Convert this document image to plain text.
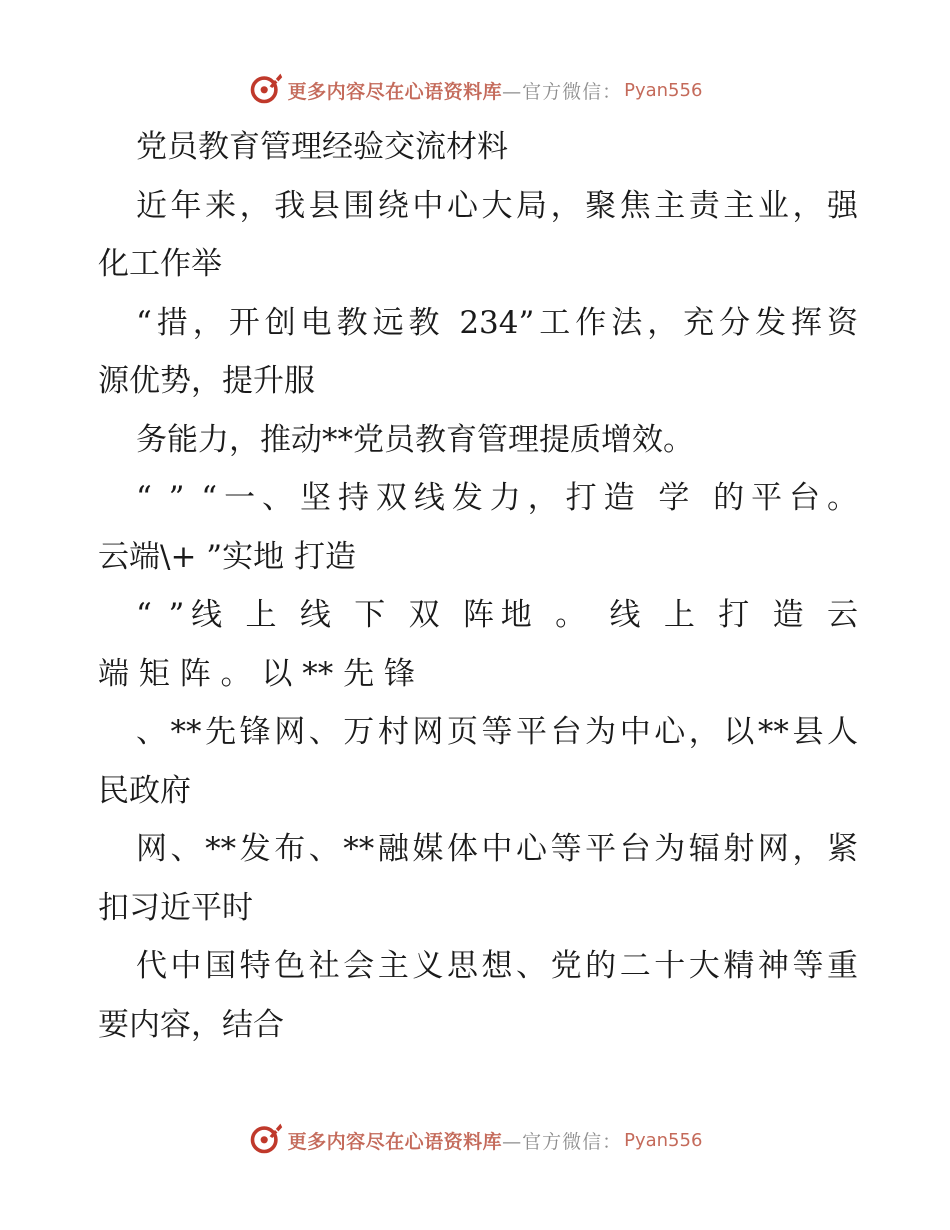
更多内容尽在心语资料库 —官方微信： Pyan556
党员教育管理经验交流材料
近年来，我县围绕中心大局，聚焦主责主业，强
化工作举
“措，开创电教远教 234”工作法，充分发挥资
源优势，提升服
务能力，推动**党员教育管理提质增效。
“ ” “一、坚持双线发力，打造 学 的平台。
云端\+ ”实地 打造
“ ”线 上 线 下 双 阵地 。 线 上 打 造 云
端 矩 阵 。 以 ** 先 锋
、**先锋网、万村网页等平台为中心，以**县人
民政府
网、**发布、**融媒体中心等平台为辐射网，紧
扣习近平时
代中国特色社会主义思想、党的二十大精神等重
要内容，结合
更多内容尽在心语资料库 —官方微信： Pyan556
